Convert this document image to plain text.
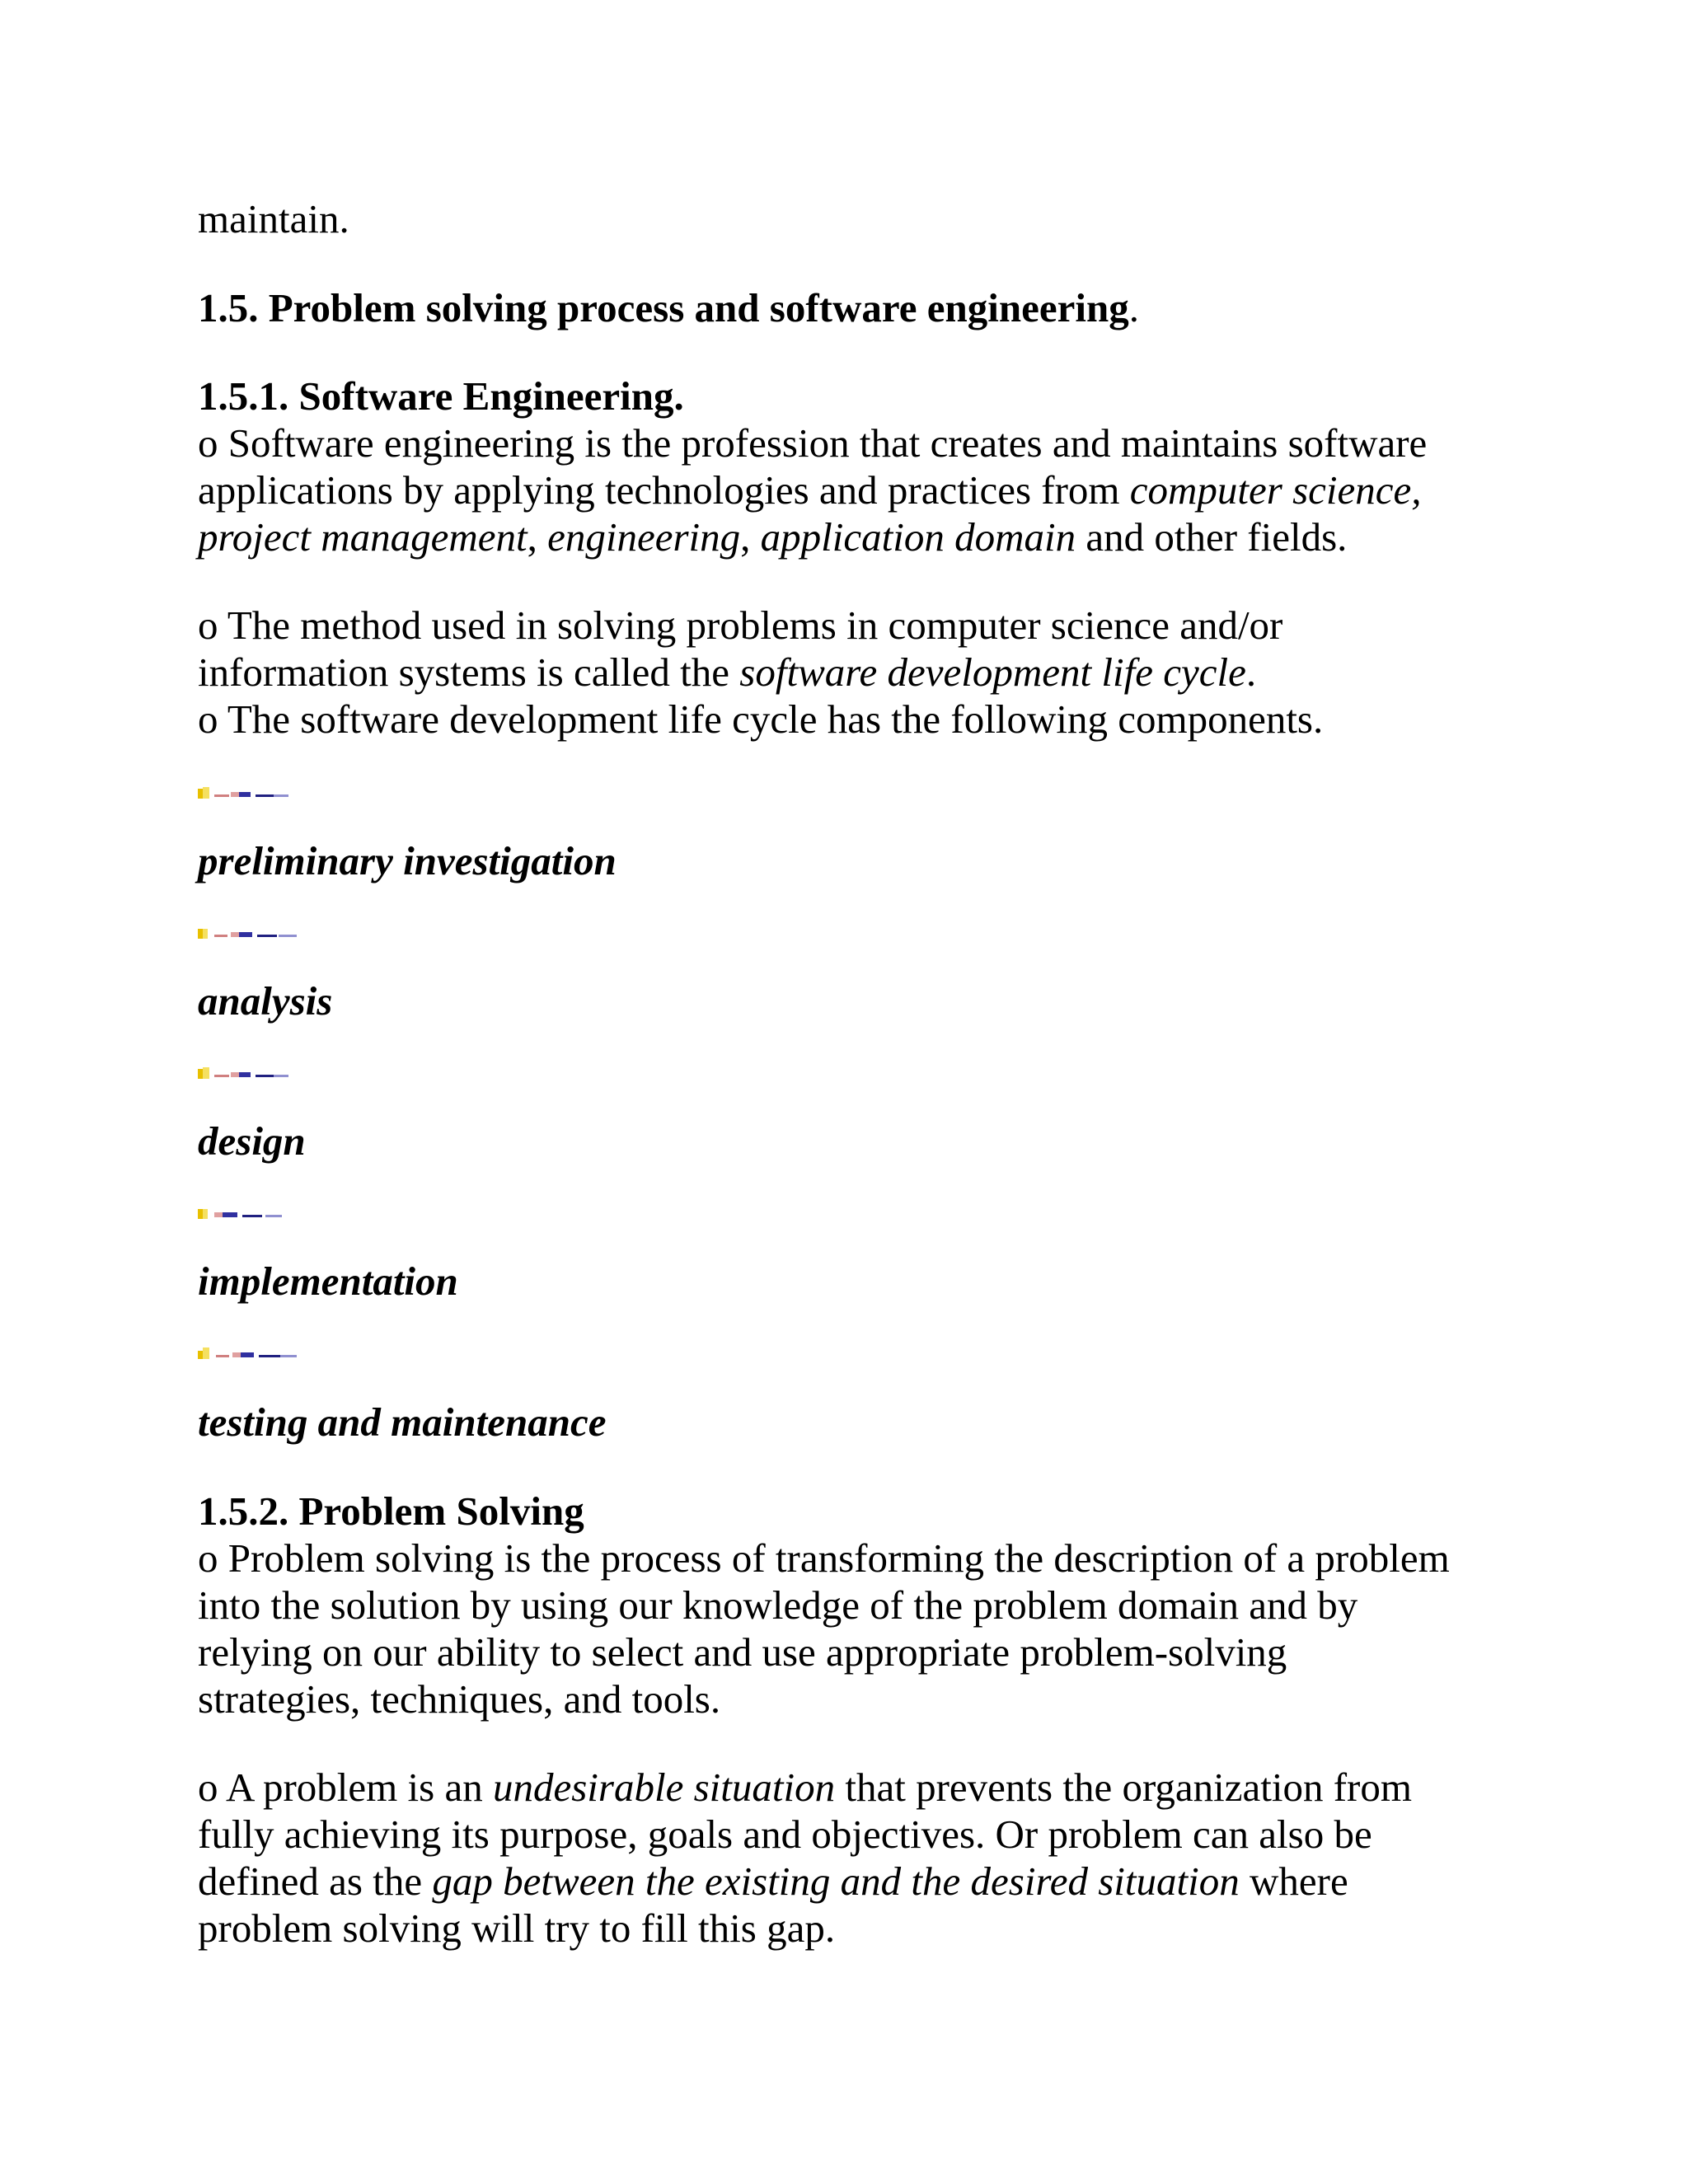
maintain.
1.5. Problem solving process and software engineering.
1.5.1. Software Engineering.
o Software engineering is the profession that creates and maintains software
applications by applying technologies and practices from computer science,
project management, engineering, application domain and other fields.
o The method used in solving problems in computer science and/or
information systems is called the software development life cycle.
o The software development life cycle has the following components.
preliminary investigation
analysis
design
implementation
testing and maintenance
1.5.2. Problem Solving
o Problem solving is the process of transforming the description of a problem
into the solution by using our knowledge of the problem domain and by
relying on our ability to select and use appropriate problem-solving
strategies, techniques, and tools.
o A problem is an undesirable situation that prevents the organization from
fully achieving its purpose, goals and objectives. Or problem can also be
defined as the gap between the existing and the desired situation where
problem solving will try to fill this gap.
